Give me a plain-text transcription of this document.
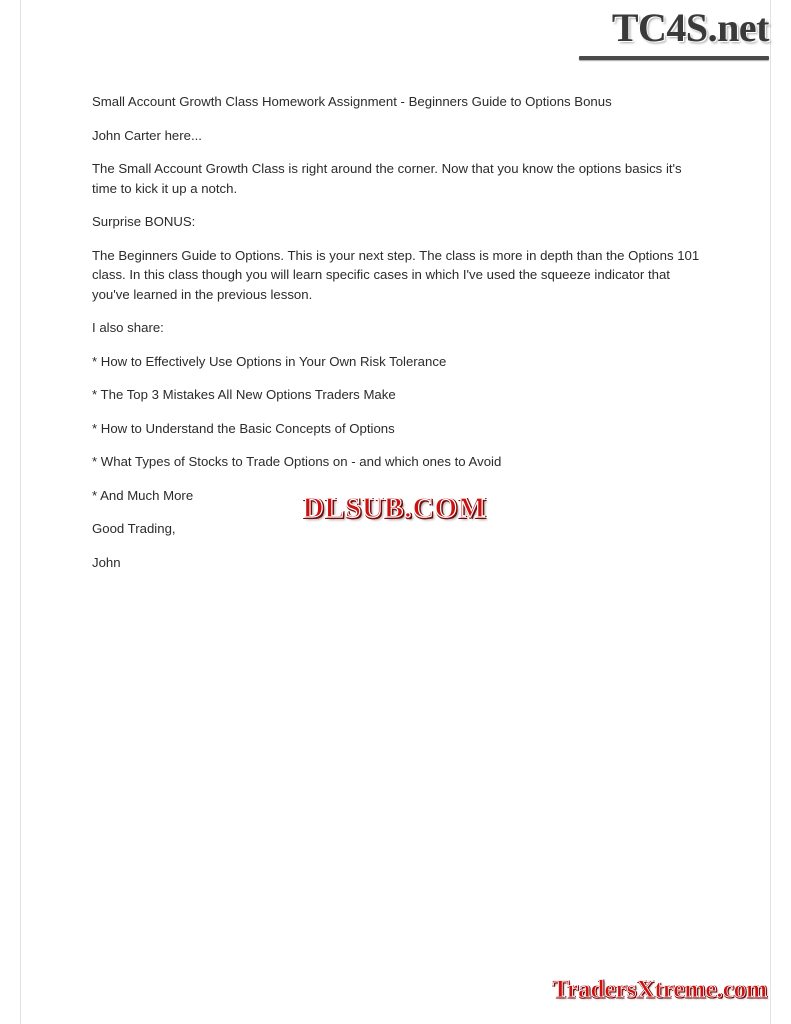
TC4S.net

Small Account Growth Class Homework Assignment - Beginners Guide to Options Bonus

John Carter here...

The Small Account Growth Class is right around the corner. Now that you know the options basics it's time to kick it up a notch.

Surprise BONUS:

The Beginners Guide to Options. This is your next step. The class is more in depth than the Options 101 class. In this class though you will learn specific cases in which I've used the squeeze indicator that you've learned in the previous lesson.

I also share:

* How to Effectively Use Options in Your Own Risk Tolerance

* The Top 3 Mistakes All New Options Traders Make

* How to Understand the Basic Concepts of Options

* What Types of Stocks to Trade Options on - and which ones to Avoid

* And Much More

Good Trading,

John

DLSUB.COM
TradersXtreme.com
